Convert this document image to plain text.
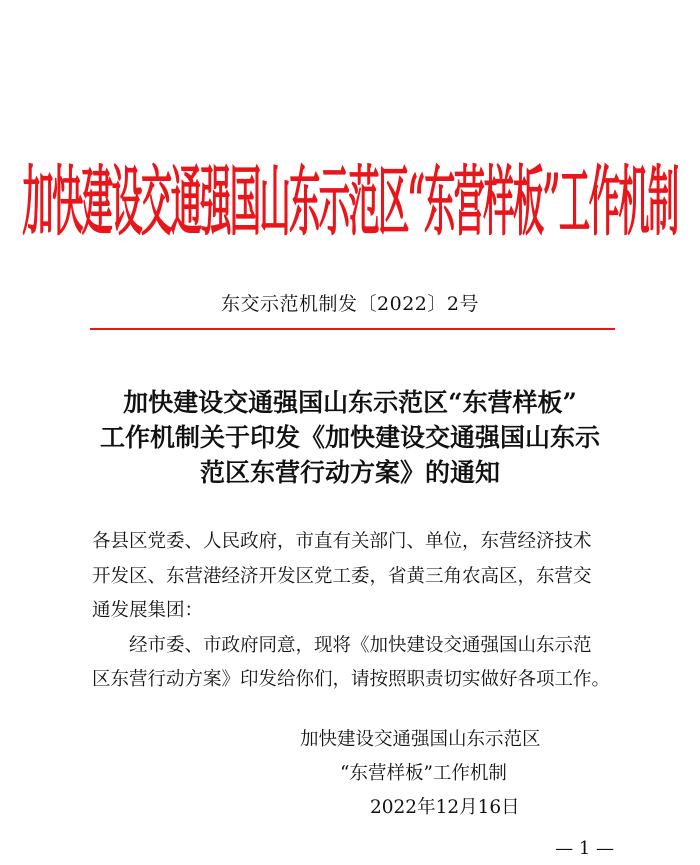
加快建设交通强国山东示范区“东营样板”工作机制
东交示范机制发〔2022〕2号
加快建设交通强国山东示范区“东营样板”
工作机制关于印发《加快建设交通强国山东示
范区东营行动方案》的通知
各县区党委、人民政府，市直有关部门、单位，东营经济技术
开发区、东营港经济开发区党工委，省黄三角农高区，东营交
通发展集团：
经市委、市政府同意，现将《加快建设交通强国山东示范
区东营行动方案》印发给你们，请按照职责切实做好各项工作。
加快建设交通强国山东示范区
“东营样板”工作机制
2022年12月16日
— 1 —
